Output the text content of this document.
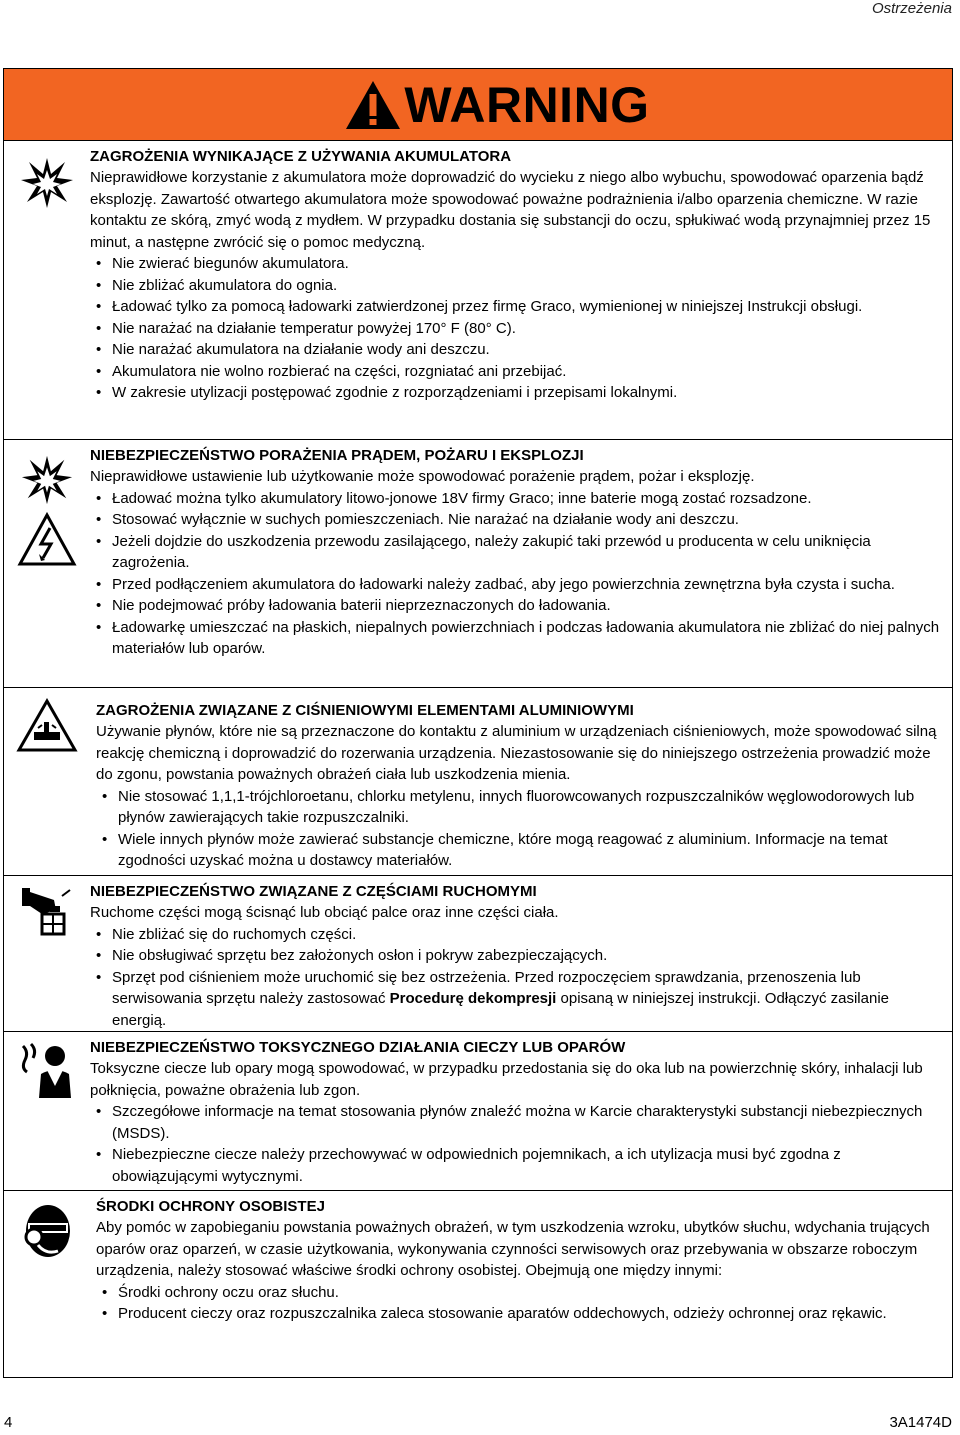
Ostrzeżenia
WARNING

ZAGROŻENIA WYNIKAJĄCE Z UŻYWANIA AKUMULATORA

Nieprawidłowe korzystanie z akumulatora może doprowadzić do wycieku z niego albo wybuchu, spowodować oparzenia bądź eksplozję. Zawartość otwartego akumulatora może spowodować poważne podrażnienia i/albo oparzenia chemiczne. W razie kontaktu ze skórą, zmyć wodą z mydłem. W przypadku dostania się substancji do oczu, spłukiwać wodą przynajmniej przez 15 minut, a następne zwrócić się o pomoc medyczną.

• Nie zwierać biegunów akumulatora.
• Nie zbliżać akumulatora do ognia.
• Ładować tylko za pomocą ładowarki zatwierdzonej przez firmę Graco, wymienionej w niniejszej Instrukcji obsługi.
• Nie narażać na działanie temperatur powyżej 170° F (80° C).
• Nie narażać akumulatora na działanie wody ani deszczu.
• Akumulatora nie wolno rozbierać na części, rozgniatać ani przebijać.
• W zakresie utylizacji postępować zgodnie z rozporządzeniami i przepisami lokalnymi.

NIEBEZPIECZEŃSTWO PORAŻENIA PRĄDEM, POŻARU I EKSPLOZJI

Nieprawidłowe ustawienie lub użytkowanie może spowodować porażenie prądem, pożar i eksplozję.

• Ładować można tylko akumulatory litowo-jonowe 18V firmy Graco; inne baterie mogą zostać rozsadzone.
• Stosować wyłącznie w suchych pomieszczeniach. Nie narażać na działanie wody ani deszczu.
• Jeżeli dojdzie do uszkodzenia przewodu zasilającego, należy zakupić taki przewód u producenta w celu uniknięcia zagrożenia.
• Przed podłączeniem akumulatora do ładowarki należy zadbać, aby jego powierzchnia zewnętrzna była czysta i sucha.
• Nie podejmować próby ładowania baterii nieprzeznaczonych do ładowania.
• Ładowarkę umieszczać na płaskich, niepalnych powierzchniach i podczas ładowania akumulatora nie zbliżać do niej palnych materiałów lub oparów.

ZAGROŻENIA ZWIĄZANE Z CIŚNIENIOWYMI ELEMENTAMI ALUMINIOWYMI

Używanie płynów, które nie są przeznaczone do kontaktu z aluminium w urządzeniach ciśnieniowych, może spowodować silną reakcję chemiczną i doprowadzić do rozerwania urządzenia. Niezastosowanie się do niniejszego ostrzeżenia prowadzić może do zgonu, powstania poważnych obrażeń ciała lub uszkodzenia mienia.

• Nie stosować 1,1,1-trójchloroetanu, chlorku metylenu, innych fluorowcowanych rozpuszczalników węglowodorowych lub płynów zawierających takie rozpuszczalniki.
• Wiele innych płynów może zawierać substancje chemiczne, które mogą reagować z aluminium. Informacje na temat zgodności uzyskać można u dostawcy materiałów.

NIEBEZPIECZEŃSTWO ZWIĄZANE Z CZĘŚCIAMI RUCHOMYMI

Ruchome części mogą ścisnąć lub obciąć palce oraz inne części ciała.

• Nie zbliżać się do ruchomych części.
• Nie obsługiwać sprzętu bez założonych osłon i pokryw zabezpieczających.
• Sprzęt pod ciśnieniem może uruchomić się bez ostrzeżenia. Przed rozpoczęciem sprawdzania, przenoszenia lub serwisowania sprzętu należy zastosować Procedurę dekompresji opisaną w niniejszej instrukcji. Odłączyć zasilanie energią.

NIEBEZPIECZEŃSTWO TOKSYCZNEGO DZIAŁANIA CIECZY LUB OPARÓW

Toksyczne ciecze lub opary mogą spowodować, w przypadku przedostania się do oka lub na powierzchnię skóry, inhalacji lub połknięcia, poważne obrażenia lub zgon.

• Szczegółowe informacje na temat stosowania płynów znaleźć można w Karcie charakterystyki substancji niebezpiecznych (MSDS).
• Niebezpieczne ciecze należy przechowywać w odpowiednich pojemnikach, a ich utylizacja musi być zgodna z obowiązującymi wytycznymi.

ŚRODKI OCHRONY OSOBISTEJ

Aby pomóc w zapobieganiu powstania poważnych obrażeń, w tym uszkodzenia wzroku, ubytków słuchu, wdychania trujących oparów oraz oparzeń, w czasie użytkowania, wykonywania czynności serwisowych oraz przebywania w obszarze roboczym urządzenia, należy stosować właściwe środki ochrony osobistej. Obejmują one między innymi:

• Środki ochrony oczu oraz słuchu.
• Producent cieczy oraz rozpuszczalnika zaleca stosowanie aparatów oddechowych, odzieży ochronnej oraz rękawic.
4	3A1474D
